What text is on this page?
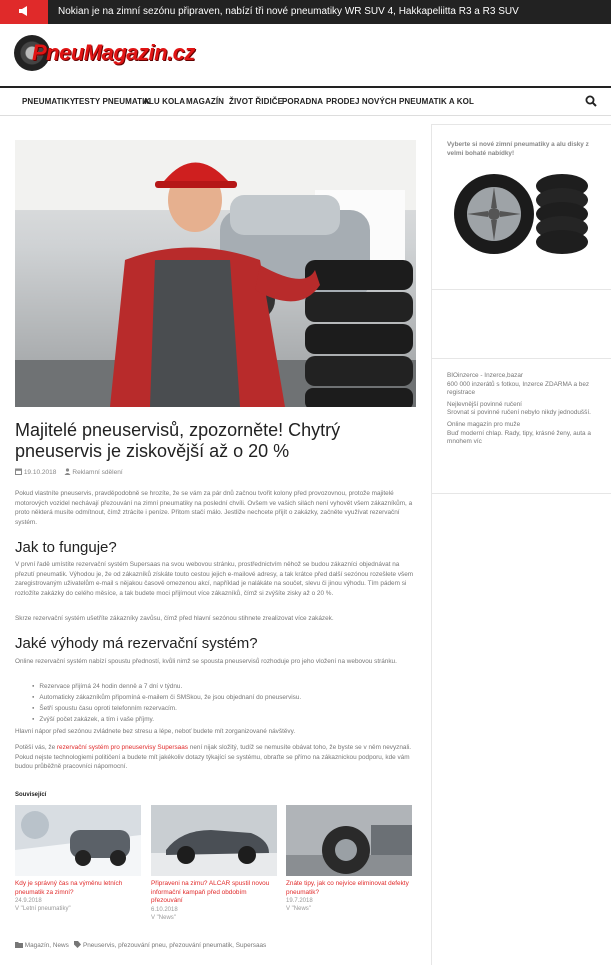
Nokian je na zimní sezónu připraven, nabízí tři nové pneumatiky WR SUV 4, Hakkapeliitta R3 a R3 SUV
PneuMagazin.cz
PNEUMATIKY
TESTY PNEUMATIK
ALU KOLA MAGAZÍN ŽIVOT ŘIDIČE
PORADNA PRODEJ NOVÝCH PNEUMATIK A KOL
Majitelé pneuservisů, zpozorněte! Chytrý pneuservis je ziskovější až o 20 %
19.10.2018 Reklamní sdělení
Pokud vlastníte pneuservis, pravděpodobně se hrozíte, že se vám za pár dnů začnou tvořit kolony před provozovnou, protože majitelé motorových vozidel nechávají přezouvání na zimní pneumatiky na poslední chvíli. Ovšem ve vašich silách není vyhovět všem zákazníkům, a proto některá musíte odmítnout, čímž ztrácíte i peníze. Přitom stačí málo. Jestliže nechcete přijít o zakázky, začněte využívat rezervační systém.
Jak to funguje?
V první řadě umístíte rezervační systém Supersaas na svou webovou stránku, prostřednictvím něhož se budou zákazníci objednávat na přezutí pneumatik. Výhodou je, že od zákazníků získáte touto cestou jejich e-mailové adresy, a tak krátce před další sezónou rozešlete všem zaregistrovaným uživatelům e-mail s nějakou časově omezenou akcí, například je nalákáte na součet, slevu či jinou výhodu. Tím pádem si rozložíte zakázky do celého měsíce, a tak budete moci přijímout více zákazníků, čímž si zvýšíte zisky až o 20 %.
Skrze rezervační systém ušetříte zákazníky zavůsu, čímž před hlavní sezónou stihnete zrealizovat více zakázek.
Jaké výhody má rezervační systém?
Online rezervační systém nabízí spoustu předností, kvůli nimž se spousta pneuservisů rozhoduje pro jeho vložení na webovou stránku.
● Rezervace přijímá 24 hodin denně a 7 dní v týdnu.
● Automaticky zákazníkům připomíná e-mailem či SMSkou, že jsou objednaní do pneuservisu.
● Šetří spoustu času oproti telefonním rezervacím.
● Zvýší počet zakázek, a tím i vaše příjmy.
Hlavní nápor před sezónou zvládnete bez stresu a lépe, neboť budete mít zorganizované návštěvy.
Potěší vás, že rezervační systém pro pneuservisy Supersaas není nijak složitý, tudíž se nemusíte obávat toho, že byste se v něm nevyznali. Pokud nejste technologiemi političení a budete mít jakékoliv dotazy týkající se systému, obraťte se přímo na zákaznickou podporu, kde vám budou průběžně pracovníci nápomocní.
Související
Kdy je správný čas na výměnu letních pneumatik za zimní?
24.9.2018
V "Letní pneumatiky"
Připraveni na zimu? ALCAR spustil novou informační kampaň před obdobím přezouvání
6.10.2018
V "News"
Znáte tipy, jak co nejvíce eliminovat defekty pneumatik?
19.7.2018
V "News"
Magazín, News Pneuservis, přezouvání pneu, přezouvání pneumatik, Supersaas
Vyberte si nové zimní pneumatiky a alu disky z velmi bohaté nabídky!

BIOinzerce - Inzerce,bazar
600 000 inzerátů s fotkou, Inzerce ZDARMA a bez registrace

Nejlevnější povinné ručení
Srovnat si povinné ručení nebylo nikdy jednodušší.

Online magazín pro muže
Buď moderní chlap. Rady, tipy, krásné ženy, auta a mnohem víc
